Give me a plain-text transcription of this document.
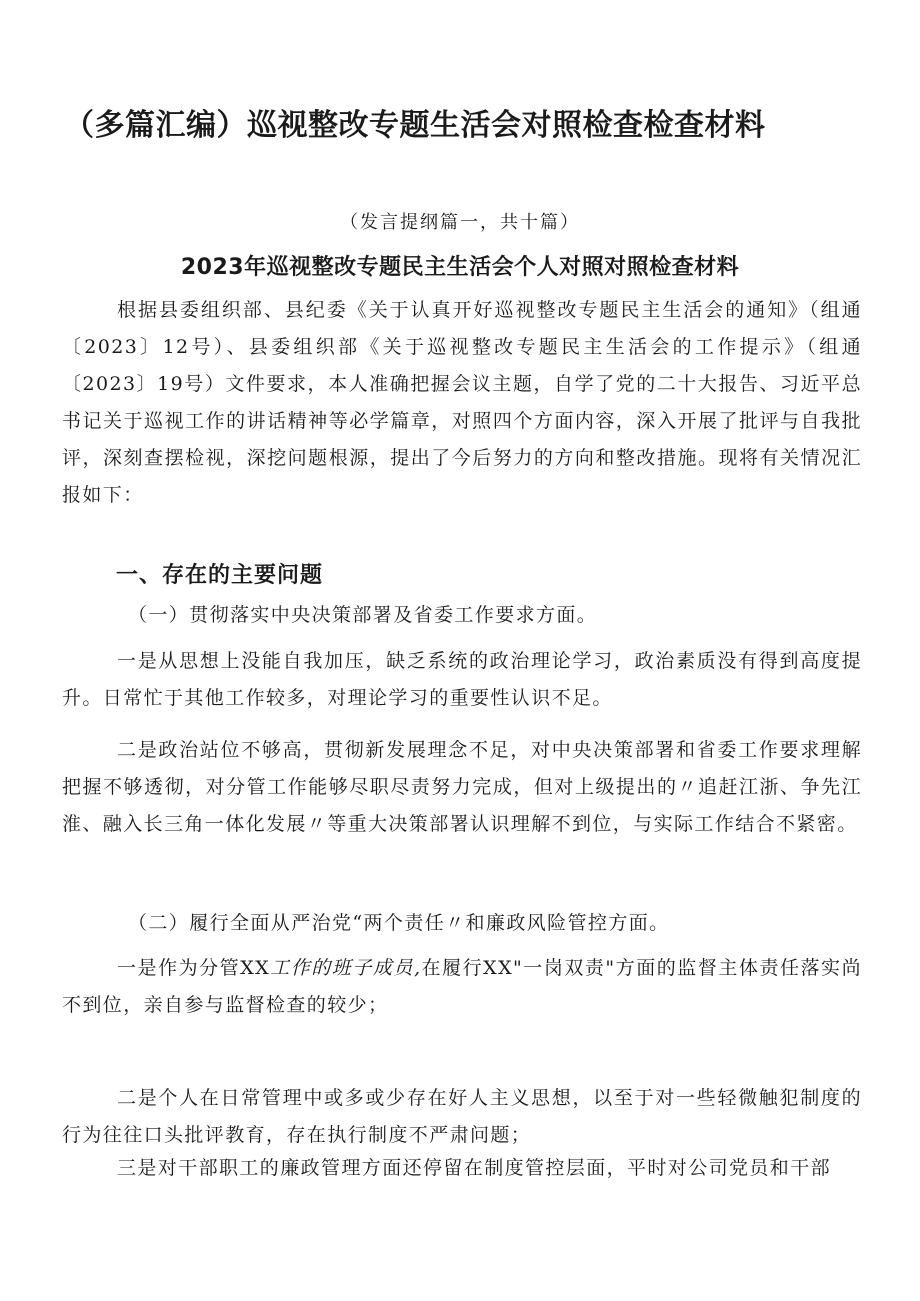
（多篇汇编）巡视整改专题生活会对照检查检查材料
（发言提纲篇一，共十篇）
2023年巡视整改专题民主生活会个人对照对照检查材料
根据县委组织部、县纪委《关于认真开好巡视整改专题民主生活会的通知》（组通〔2023〕12号）、县委组织部《关于巡视整改专题民主生活会的工作提示》（组通〔2023〕19号）文件要求，本人准确把握会议主题，自学了党的二十大报告、习近平总书记关于巡视工作的讲话精神等必学篇章，对照四个方面内容，深入开展了批评与自我批评，深刻查摆检视，深挖问题根源，提出了今后努力的方向和整改措施。现将有关情况汇报如下：
一、存在的主要问题
（一）贯彻落实中央决策部署及省委工作要求方面。
一是从思想上没能自我加压，缺乏系统的政治理论学习，政治素质没有得到高度提升。日常忙于其他工作较多，对理论学习的重要性认识不足。
二是政治站位不够高，贯彻新发展理念不足，对中央决策部署和省委工作要求理解把握不够透彻，对分管工作能够尽职尽责努力完成，但对上级提出的〃追赶江浙、争先江淮、融入长三角一体化发展〃等重大决策部署认识理解不到位，与实际工作结合不紧密。
（二）履行全面从严治党“两个责任〃和廉政风险管控方面。
一是作为分管XX工作的班子成员,在履行XX"一岗双责"方面的监督主体责任落实尚不到位，亲自参与监督检查的较少；
二是个人在日常管理中或多或少存在好人主义思想，以至于对一些轻微触犯制度的行为往往口头批评教育，存在执行制度不严肃问题；
三是对干部职工的廉政管理方面还停留在制度管控层面，平时对公司党员和干部
